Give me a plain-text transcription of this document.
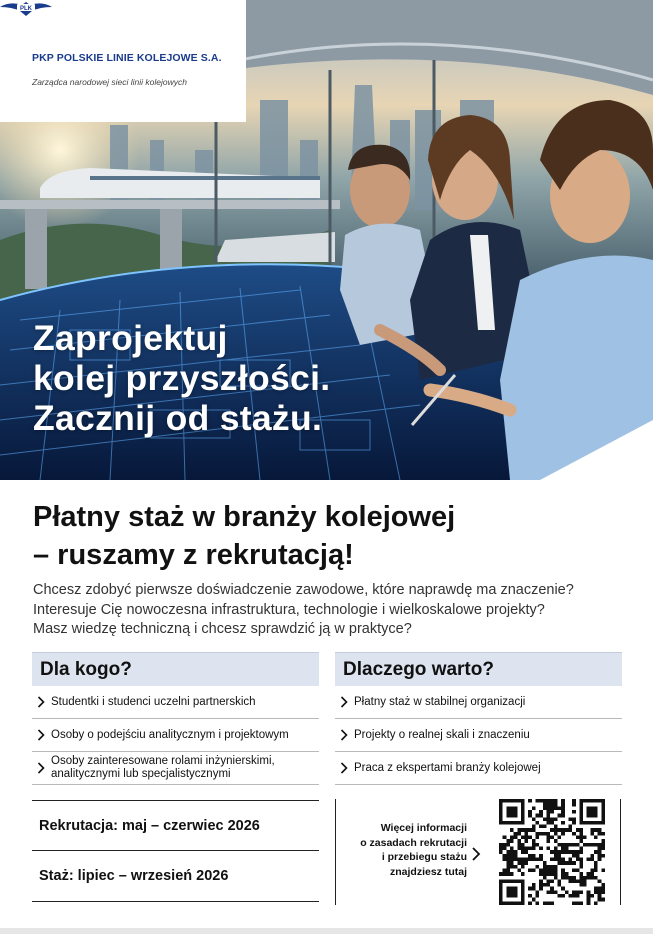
PLK
PKP POLSKIE LINIE KOLEJOWE S.A.
Zarządca narodowej sieci linii kolejowych
Zaprojektuj
kolej przyszłości.
Zacznij od stażu.
Płatny staż w branży kolejowej
– ruszamy z rekrutacją!
Chcesz zdobyć pierwsze doświadczenie zawodowe, które naprawdę ma znaczenie?
Interesuje Cię nowoczesna infrastruktura, technologie i wielkoskalowe projekty?
Masz wiedzę techniczną i chcesz sprawdzić ją w praktyce?
Dla kogo?
Studentki i studenci uczelni partnerskich
Osoby o podejściu analitycznym i projektowym
Osoby zainteresowane rolami inżynierskimi, analitycznymi lub specjalistycznymi
Dlaczego warto?
Płatny staż w stabilnej organizacji
Projekty o realnej skali i znaczeniu
Praca z ekspertami branży kolejowej
Rekrutacja: maj – czerwiec 2026
Staż: lipiec – wrzesień 2026
Więcej informacji
o zasadach rekrutacji
i przebiegu stażu
znajdziesz tutaj
